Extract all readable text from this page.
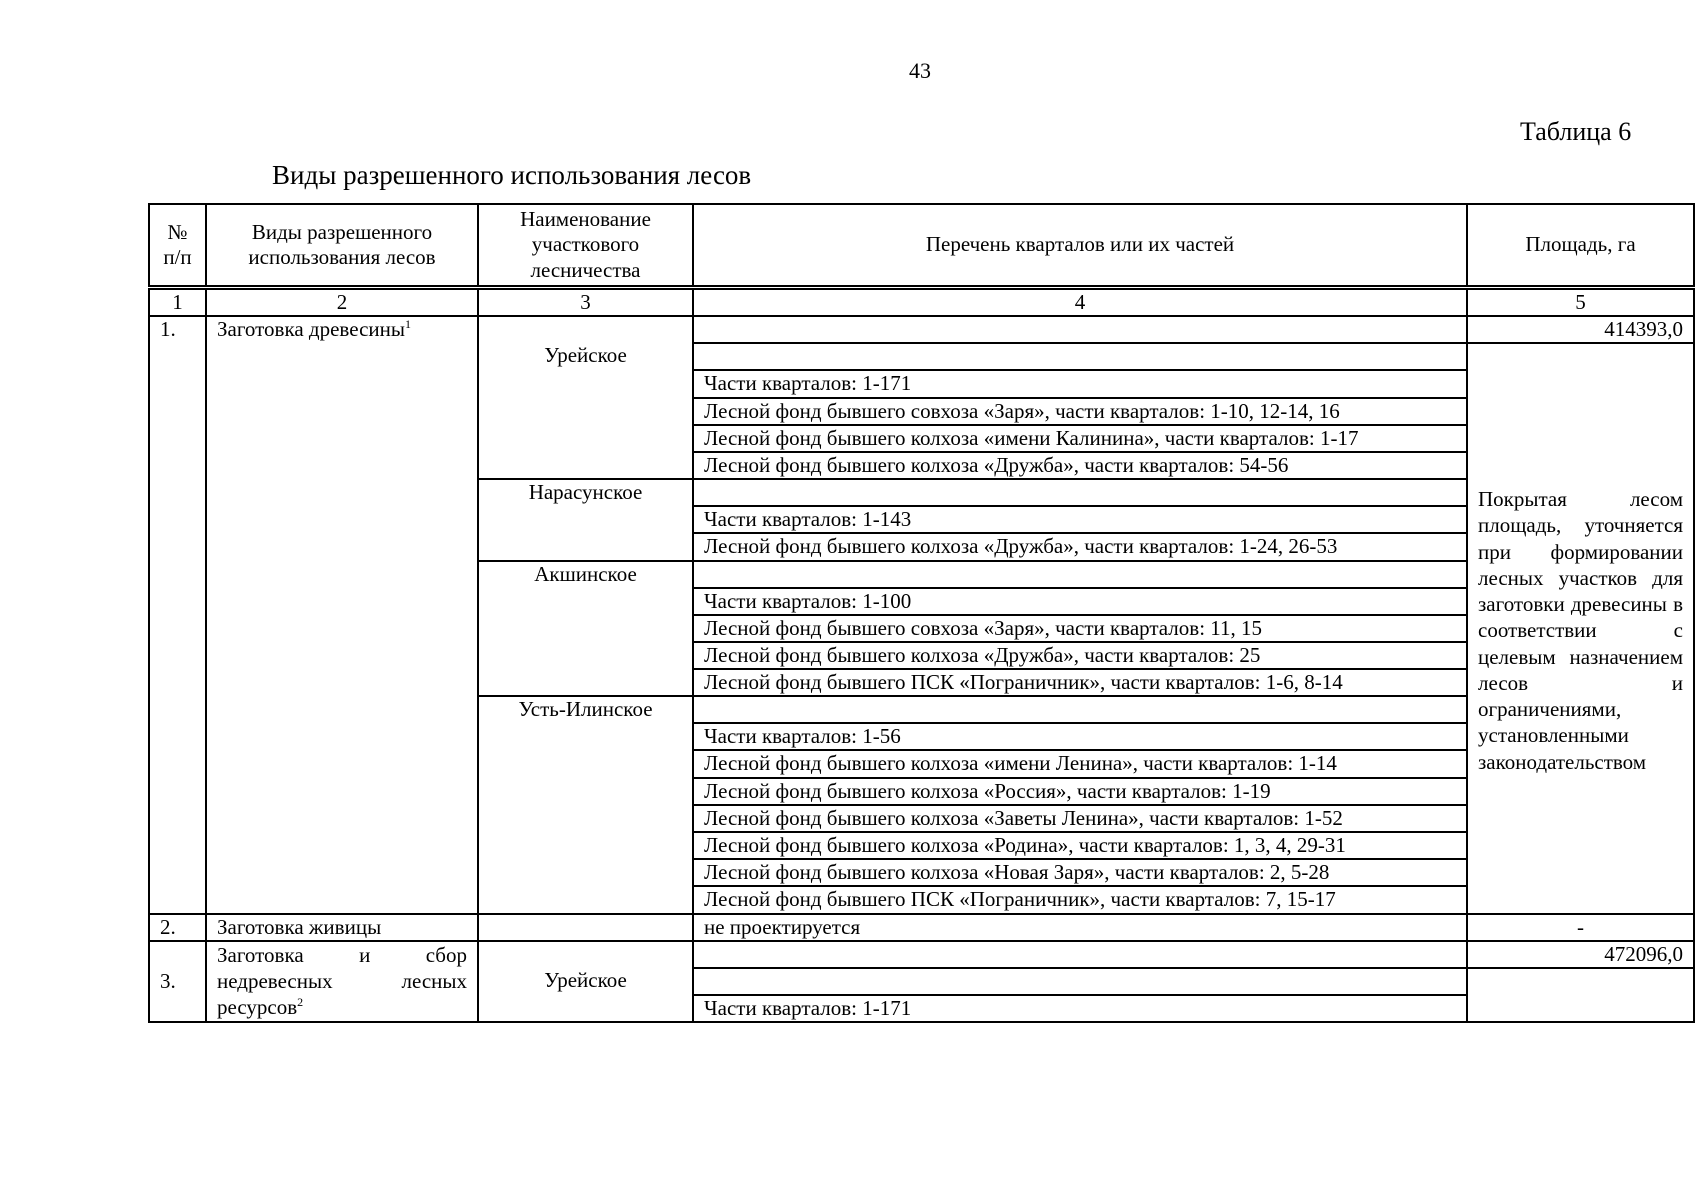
43
Таблица 6
Виды разрешенного использования лесов
№ п/п	Виды разрешенного использования лесов	Наименование участкового лесничества	Перечень кварталов или их частей	Площадь, га
1	2	3	4	5
1.	Заготовка древесины$^1$			414393,0
		Урейское		Покрытая лесом площадь, уточняется при формировании лесных участков для заготовки древесины в соответствии с целевым назначением лесов и ограничениями, установленными законодательством
			Части кварталов: 1-171	
			Лесной фонд бывшего совхоза «Заря», части кварталов: 1-10, 12-14, 16	
			Лесной фонд бывшего колхоза «имени Калинина», части кварталов: 1-17	
			Лесной фонд бывшего колхоза «Дружба», части кварталов: 54-56	
		Нарасунское		
			Части кварталов: 1-143	
			Лесной фонд бывшего колхоза «Дружба», части кварталов: 1-24, 26-53	
		Акшинское		
			Части кварталов: 1-100	
			Лесной фонд бывшего совхоза «Заря», части кварталов: 11, 15	
			Лесной фонд бывшего колхоза «Дружба», части кварталов: 25	
			Лесной фонд бывшего ПСК «Пограничник», части кварталов: 1-6, 8-14	
		Усть-Илинское		
			Части кварталов: 1-56	
			Лесной фонд бывшего колхоза «имени Ленина», части кварталов: 1-14	
			Лесной фонд бывшего колхоза «Россия», части кварталов: 1-19	
			Лесной фонд бывшего колхоза «Заветы Ленина», части кварталов: 1-52	
			Лесной фонд бывшего колхоза «Родина», части кварталов: 1, 3, 4, 29-31	
			Лесной фонд бывшего колхоза «Новая Заря», части кварталов: 2, 5-28	
			Лесной фонд бывшего ПСК «Пограничник», части кварталов: 7, 15-17	
2.	Заготовка живицы		не проектируется	-
3.	Заготовка и сбор недревесных лесных ресурсов$^2$			472096,0
		Урейское		
			Части кварталов: 1-171	
